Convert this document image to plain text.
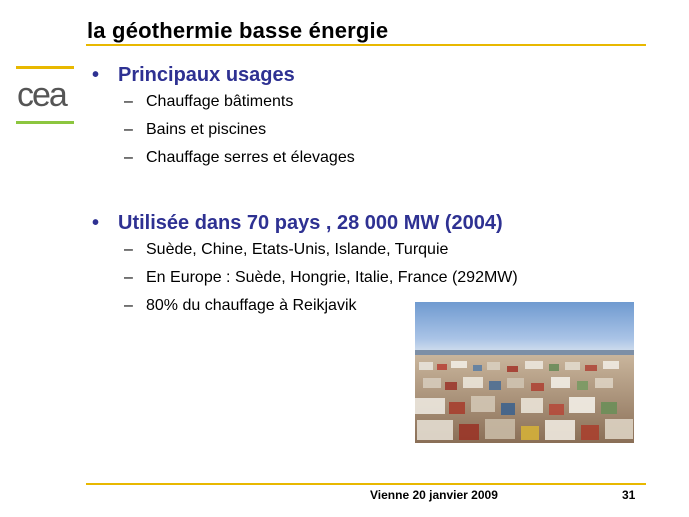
la géothermie basse énergie
cea
• Principaux usages
– Chauffage bâtiments
– Bains et piscines
– Chauffage serres et élevages
• Utilisée dans 70 pays , 28 000 MW (2004)
– Suède, Chine, Etats-Unis, Islande, Turquie
– En Europe : Suède, Hongrie, Italie, France (292MW)
– 80% du chauffage à Reikjavik
Vienne 20 janvier 2009	31
